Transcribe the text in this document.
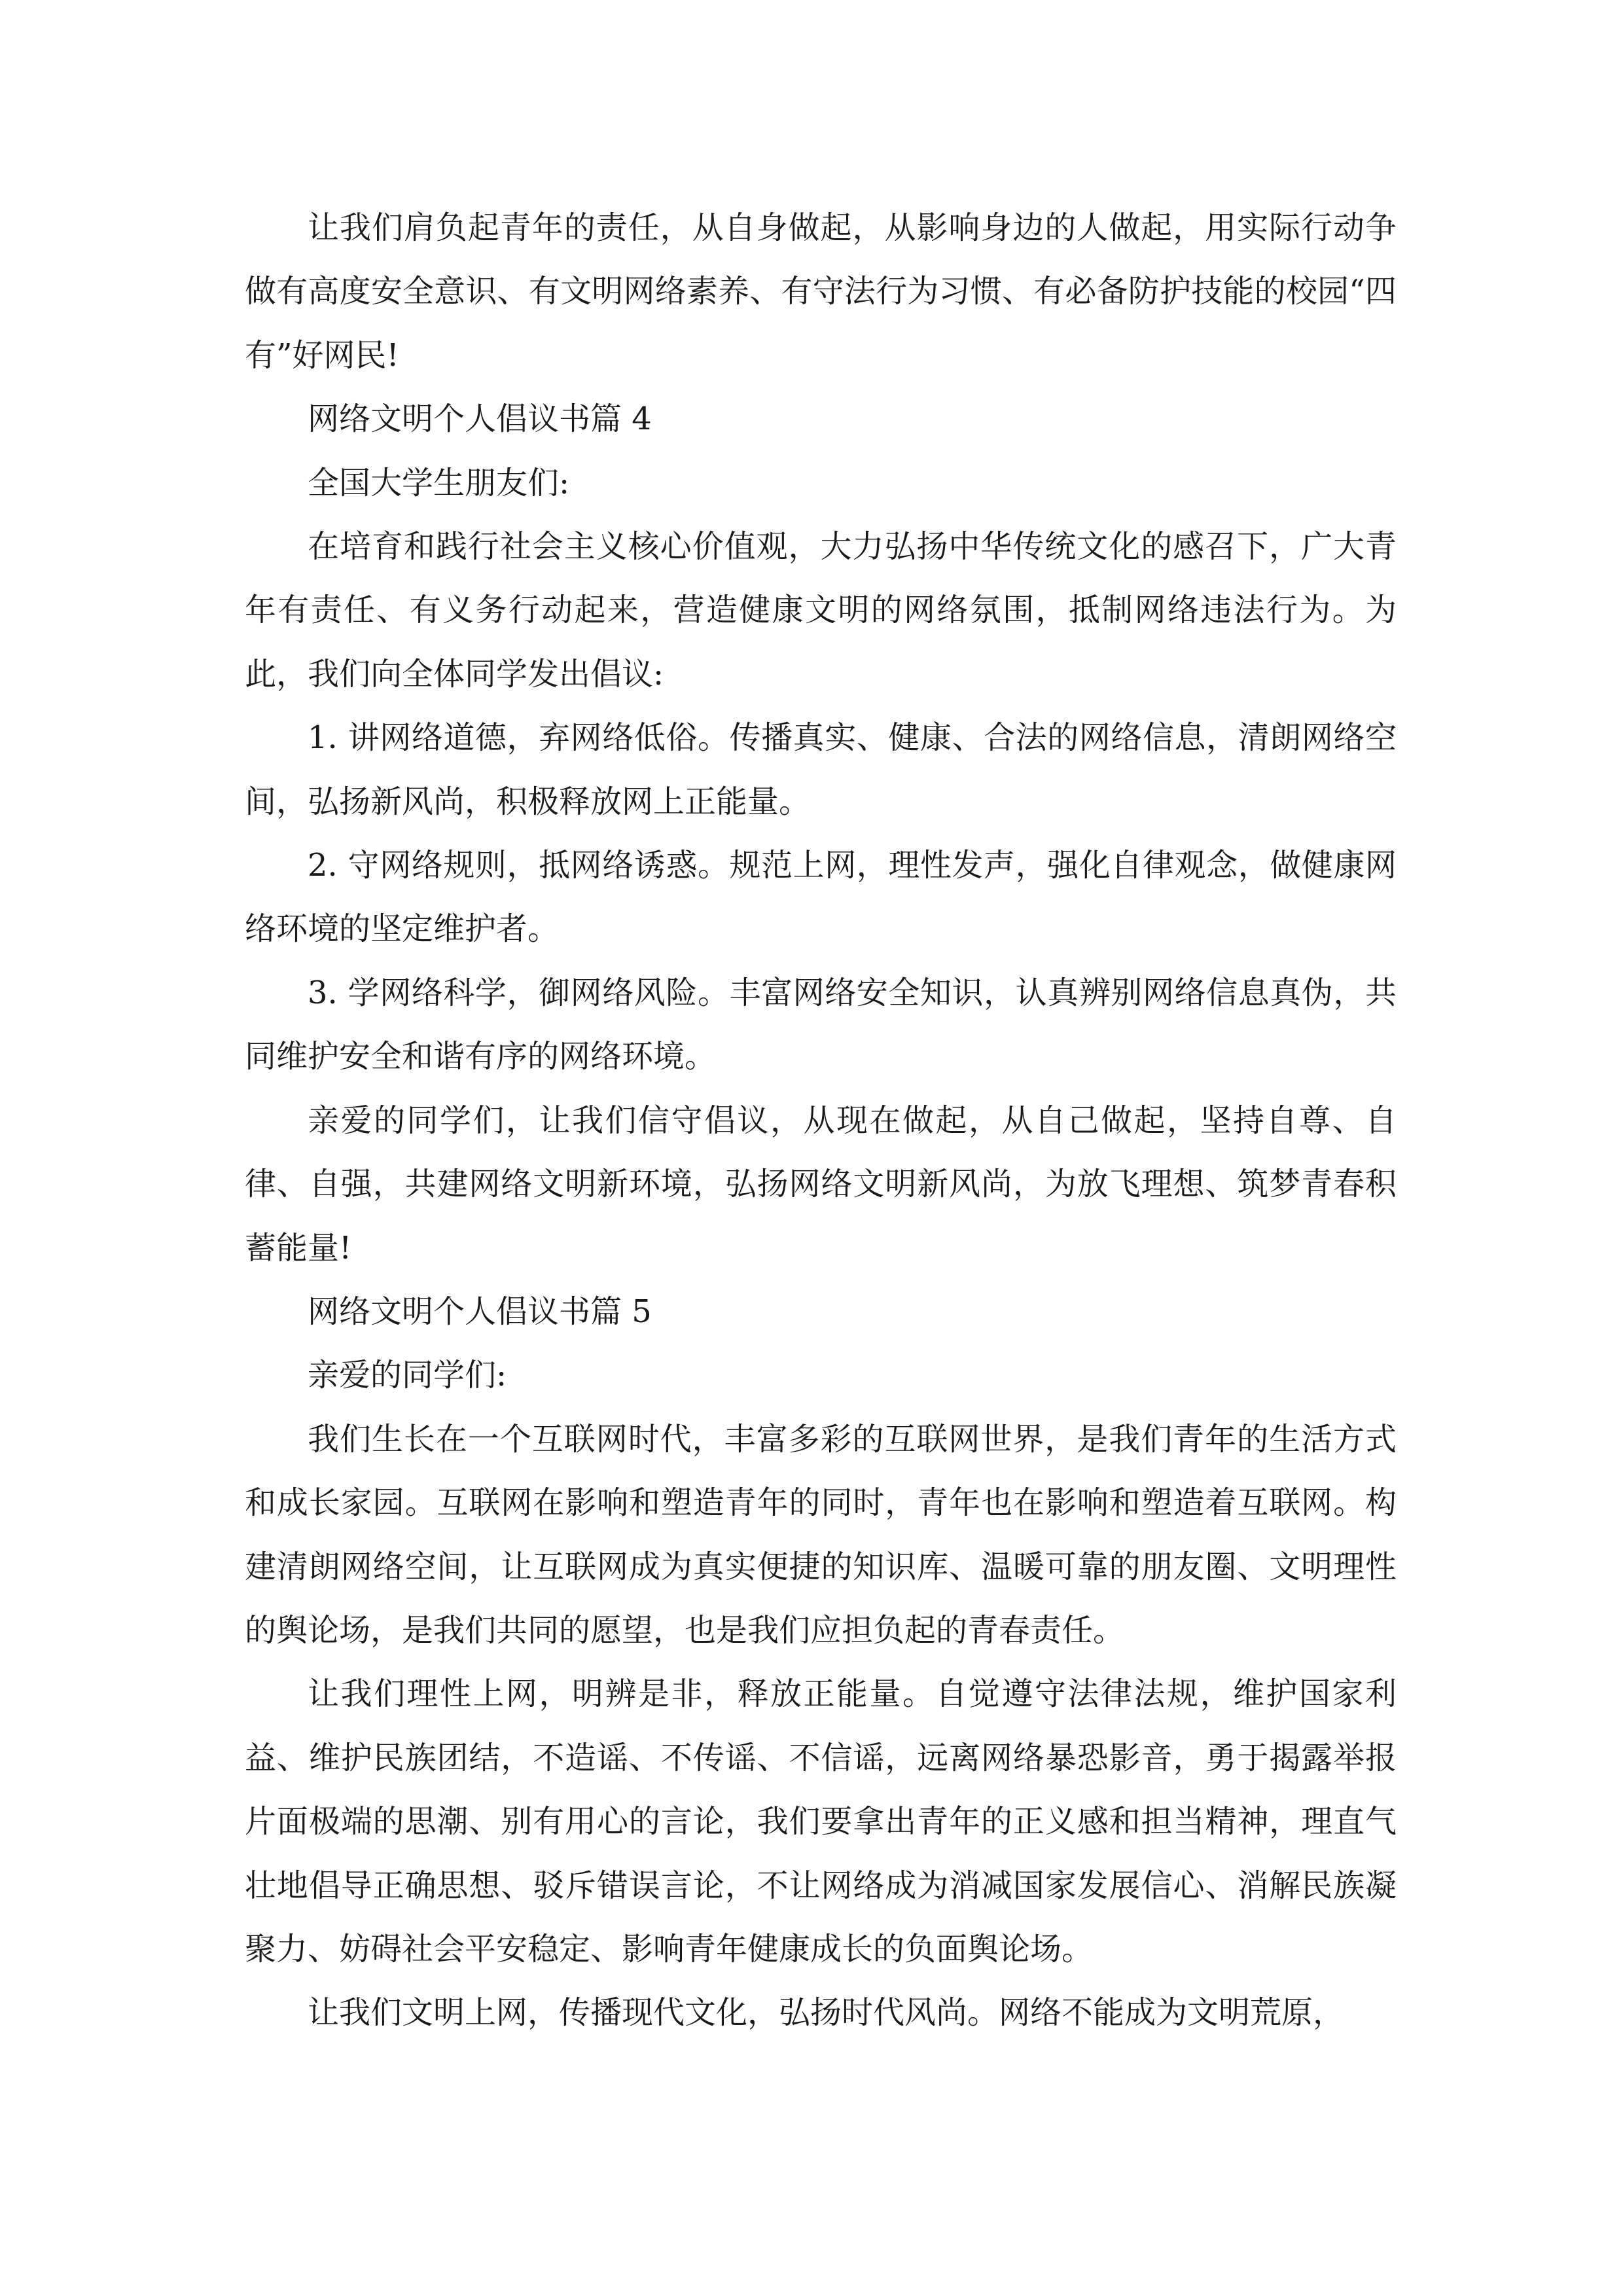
让我们肩负起青年的责任，从自身做起，从影响身边的人做起，用实际行动争做有高度安全意识、有文明网络素养、有守法行为习惯、有必备防护技能的校园“四有”好网民!

网络文明个人倡议书篇 4

全国大学生朋友们:

在培育和践行社会主义核心价值观，大力弘扬中华传统文化的感召下，广大青年有责任、有义务行动起来，营造健康文明的网络氛围，抵制网络违法行为。为此，我们向全体同学发出倡议:

1. 讲网络道德，弃网络低俗。传播真实、健康、合法的网络信息，清朗网络空间，弘扬新风尚，积极释放网上正能量。

2. 守网络规则，抵网络诱惑。规范上网，理性发声，强化自律观念，做健康网络环境的坚定维护者。

3. 学网络科学，御网络风险。丰富网络安全知识，认真辨别网络信息真伪，共同维护安全和谐有序的网络环境。

亲爱的同学们，让我们信守倡议，从现在做起，从自己做起，坚持自尊、自律、自强，共建网络文明新环境，弘扬网络文明新风尚，为放飞理想、筑梦青春积蓄能量!

网络文明个人倡议书篇 5

亲爱的同学们:

我们生长在一个互联网时代，丰富多彩的互联网世界，是我们青年的生活方式和成长家园。互联网在影响和塑造青年的同时，青年也在影响和塑造着互联网。构建清朗网络空间，让互联网成为真实便捷的知识库、温暖可靠的朋友圈、文明理性的舆论场，是我们共同的愿望，也是我们应担负起的青春责任。

让我们理性上网，明辨是非，释放正能量。自觉遵守法律法规，维护国家利益、维护民族团结，不造谣、不传谣、不信谣，远离网络暴恐影音，勇于揭露举报片面极端的思潮、别有用心的言论，我们要拿出青年的正义感和担当精神，理直气壮地倡导正确思想、驳斥错误言论，不让网络成为消减国家发展信心、消解民族凝聚力、妨碍社会平安稳定、影响青年健康成长的负面舆论场。

让我们文明上网，传播现代文化，弘扬时代风尚。网络不能成为文明荒原，
